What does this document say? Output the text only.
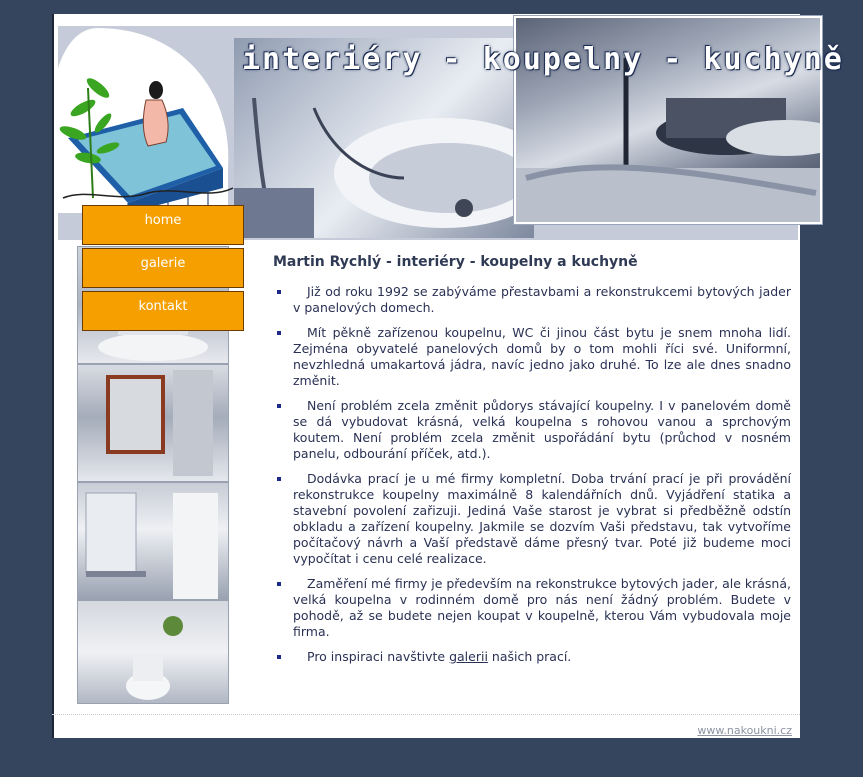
interiéry - koupelny - kuchyně
home
galerie
kontakt
Martin Rychlý - interiéry - koupelny a kuchyně
Již od roku 1992 se zabýváme přestavbami a rekonstrukcemi bytových jader v panelových domech.
Mít pěkně zařízenou koupelnu, WC či jinou část bytu je snem mnoha lidí. Zejména obyvatelé panelových domů by o tom mohli říci své. Uniformní, nevzhledná umakartová jádra, navíc jedno jako druhé. To lze ale dnes snadno změnit.
Není problém zcela změnit půdorys stávající koupelny. I v panelovém domě se dá vybudovat krásná, velká koupelna s rohovou vanou a sprchovým koutem. Není problém zcela změnit uspořádání bytu (průchod v nosném panelu, odbourání příček, atd.).
Dodávka prací je u mé firmy kompletní. Doba trvání prací je při provádění rekonstrukce koupelny maximálně 8 kalendářních dnů. Vyjádření statika a stavební povolení zařizuji. Jediná Vaše starost je vybrat si předběžně odstín obkladu a zařízení koupelny. Jakmile se dozvím Vaši představu, tak vytvoříme počítačový návrh a Vaší představě dáme přesný tvar. Poté již budeme moci vypočítat i cenu celé realizace.
Zaměření mé firmy je především na rekonstrukce bytových jader, ale krásná, velká koupelna v rodinném domě pro nás není žádný problém. Budete v pohodě, až se budete nejen koupat v koupelně, kterou Vám vybudovala moje firma.
Pro inspiraci navštivte galerii našich prací.
www.nakoukni.cz
